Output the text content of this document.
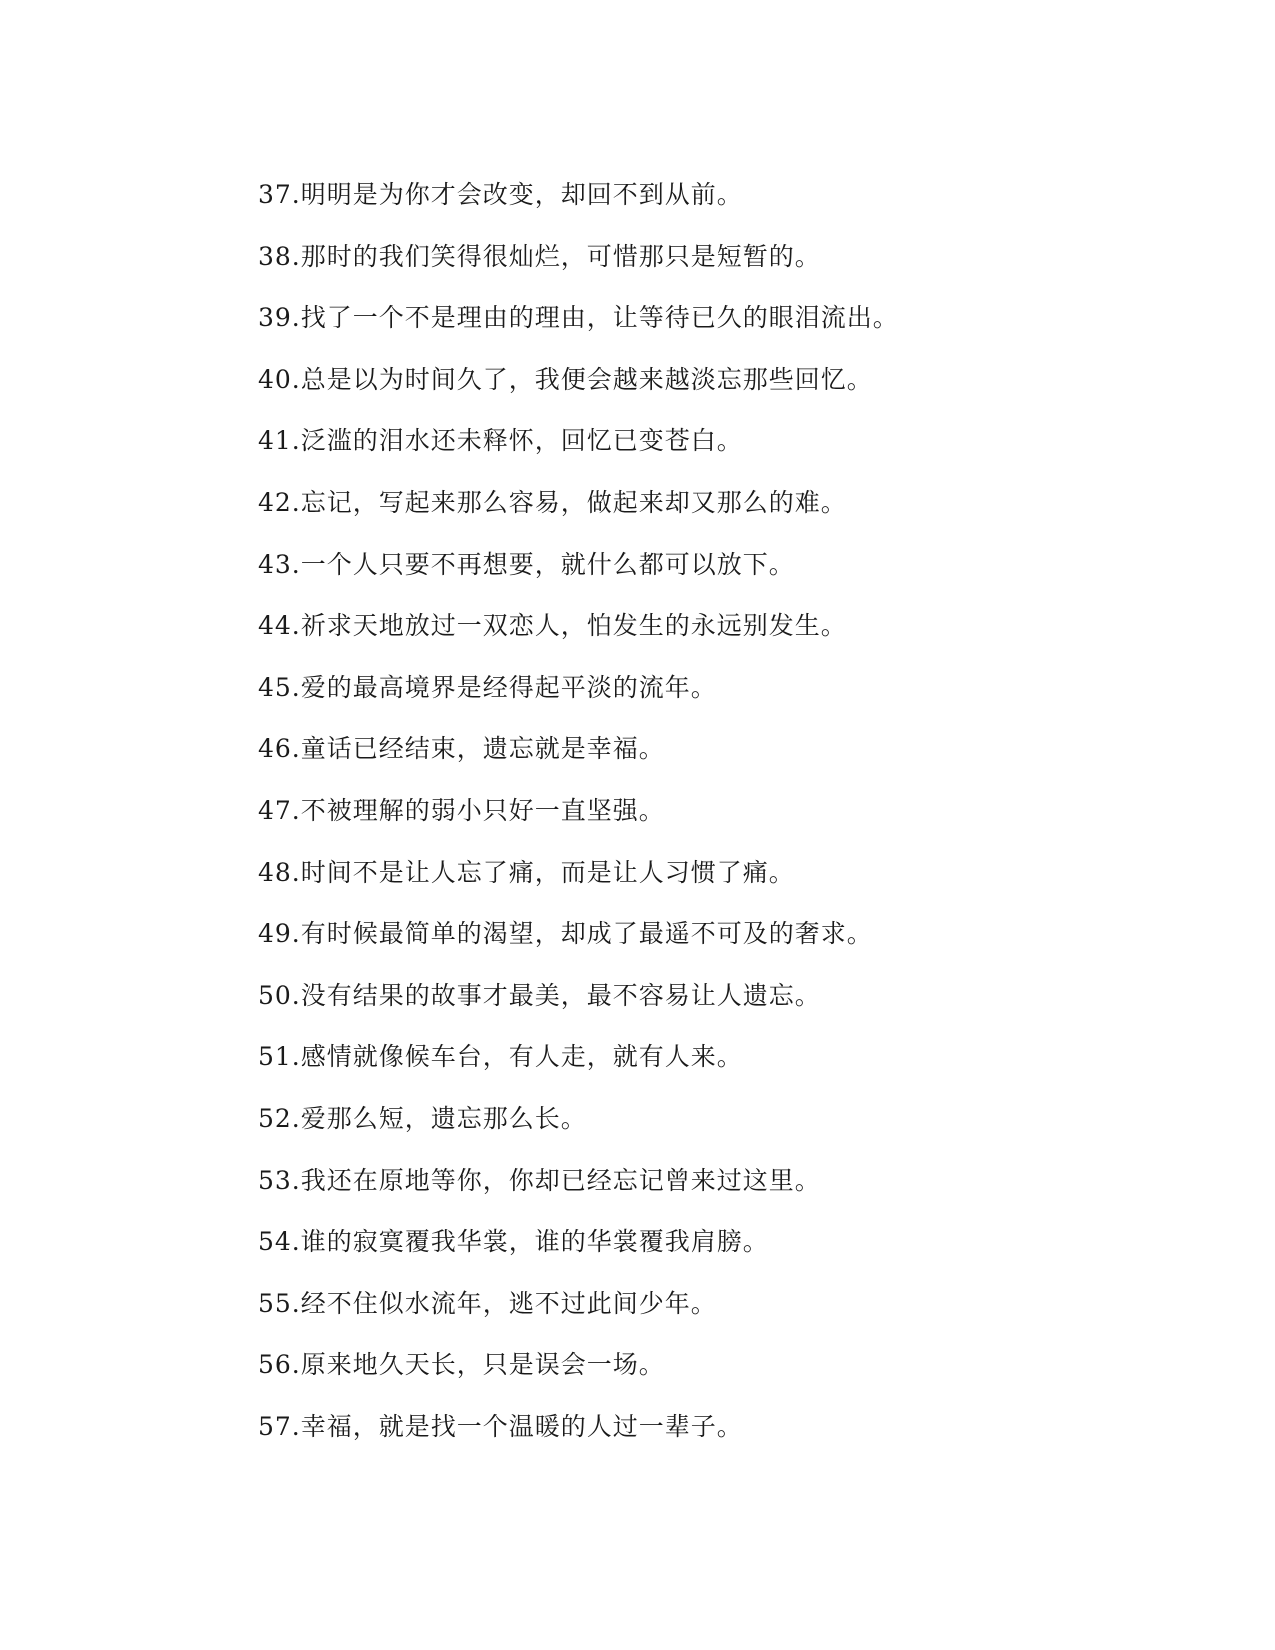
37.明明是为你才会改变，却回不到从前。
38.那时的我们笑得很灿烂，可惜那只是短暂的。
39.找了一个不是理由的理由，让等待已久的眼泪流出。
40.总是以为时间久了，我便会越来越淡忘那些回忆。
41.泛滥的泪水还未释怀，回忆已变苍白。
42.忘记，写起来那么容易，做起来却又那么的难。
43.一个人只要不再想要，就什么都可以放下。
44.祈求天地放过一双恋人，怕发生的永远别发生。
45.爱的最高境界是经得起平淡的流年。
46.童话已经结束，遗忘就是幸福。
47.不被理解的弱小只好一直坚强。
48.时间不是让人忘了痛，而是让人习惯了痛。
49.有时候最简单的渴望，却成了最遥不可及的奢求。
50.没有结果的故事才最美，最不容易让人遗忘。
51.感情就像候车台，有人走，就有人来。
52.爱那么短，遗忘那么长。
53.我还在原地等你，你却已经忘记曾来过这里。
54.谁的寂寞覆我华裳，谁的华裳覆我肩膀。
55.经不住似水流年，逃不过此间少年。
56.原来地久天长，只是误会一场。
57.幸福，就是找一个温暖的人过一辈子。
